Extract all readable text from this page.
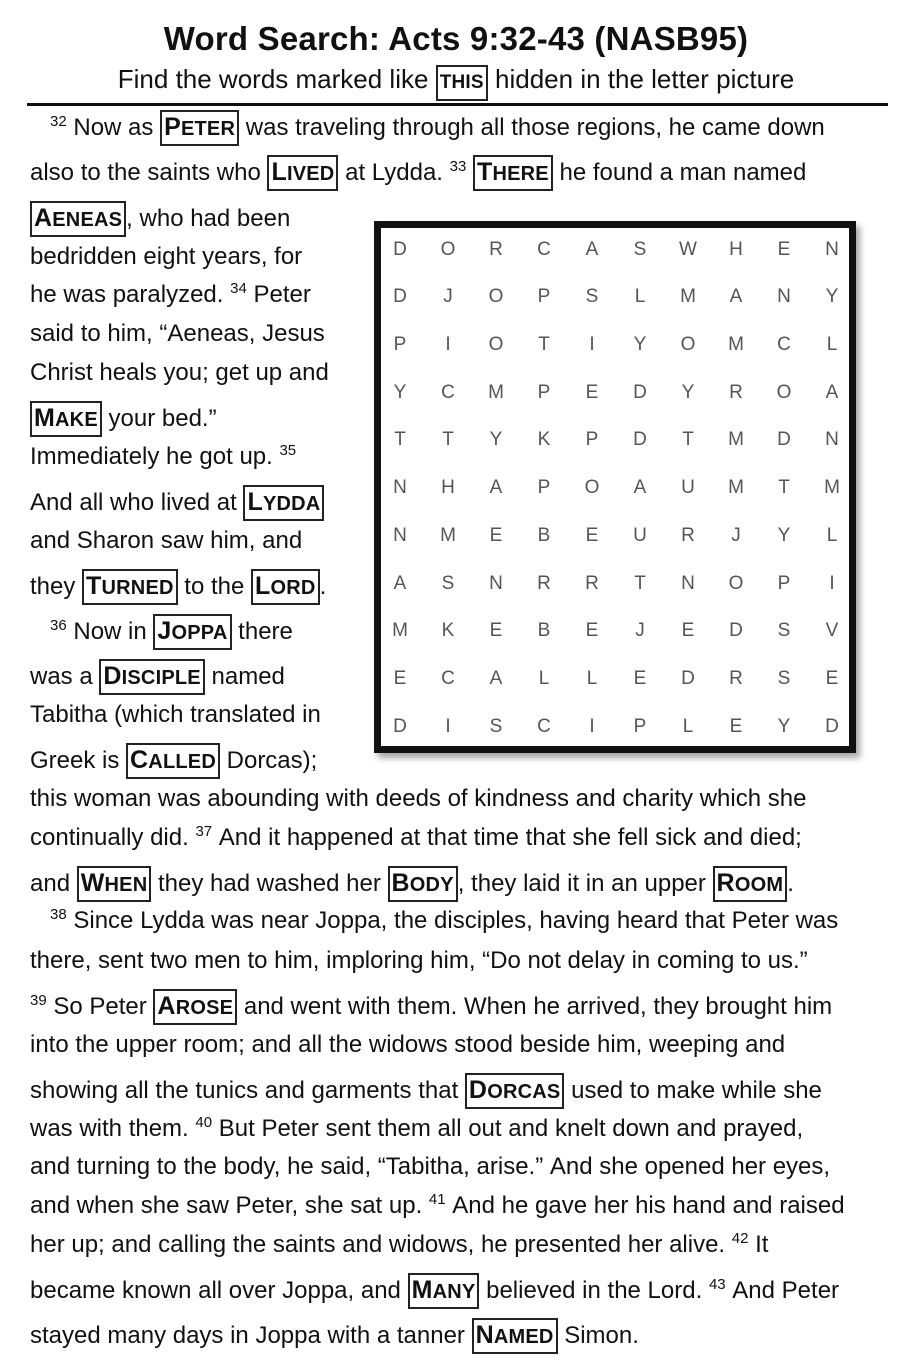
Word Search: Acts 9:32-43 (NASB95)
Find the words marked like THIS hidden in the letter picture
$^{32}$ Now as PETER was traveling through all those regions, he came down
also to the saints who LIVED at Lydda. $^{33}$ THERE he found a man named
AENEAS , who had been
bedridden eight years, for
he was paralyzed. $^{34}$ Peter
said to him, “Aeneas, Jesus
Christ heals you; get up and
MAKE your bed.”
Immediately he got up. $^{35}$
And all who lived at LYDDA
and Sharon saw him, and
they TURNED to the LORD .
$^{36}$ Now in JOPPA there
was a DISCIPLE named
Tabitha (which translated in
Greek is CALLED Dorcas);
this woman was abounding with deeds of kindness and charity which she
continually did. $^{37}$ And it happened at that time that she fell sick and died;
and WHEN they had washed her BODY , they laid it in an upper ROOM .
$^{38}$ Since Lydda was near Joppa, the disciples, having heard that Peter was
there, sent two men to him, imploring him, “Do not delay in coming to us.”
$^{39}$ So Peter AROSE and went with them. When he arrived, they brought him
into the upper room; and all the widows stood beside him, weeping and
showing all the tunics and garments that DORCAS used to make while she
was with them. $^{40}$ But Peter sent them all out and knelt down and prayed,
and turning to the body, he said, “Tabitha, arise.” And she opened her eyes,
and when she saw Peter, she sat up. $^{41}$ And he gave her his hand and raised
her up; and calling the saints and widows, he presented her alive. $^{42}$ It
became known all over Joppa, and MANY believed in the Lord. $^{43}$ And Peter
stayed many days in Joppa with a tanner NAMED Simon.
D	O	R	C	A	S	W	H	E	N
D	J	O	P	S	L	M	A	N	Y
P	I	O	T	I	Y	O	M	C	L
Y	C	M	P	E	D	Y	R	O	A
T	T	Y	K	P	D	T	M	D	N
N	H	A	P	O	A	U	M	T	M
N	M	E	B	E	U	R	J	Y	L
A	S	N	R	R	T	N	O	P	I
M	K	E	B	E	J	E	D	S	V
E	C	A	L	L	E	D	R	S	E
D	I	S	C	I	P	L	E	Y	D
